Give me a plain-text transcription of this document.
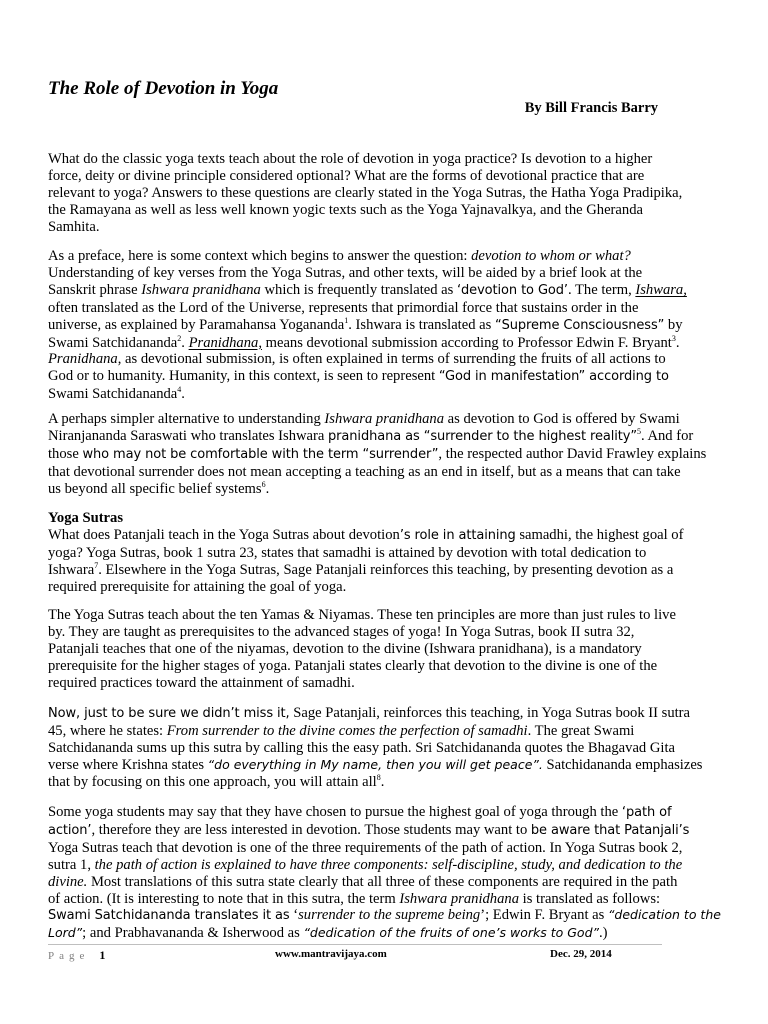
The Role of Devotion in Yoga
By Bill Francis Barry
What do the classic yoga texts teach about the role of devotion in yoga practice? Is devotion to a higher
force, deity or divine principle considered optional? What are the forms of devotional practice that are
relevant to yoga? Answers to these questions are clearly stated in the Yoga Sutras, the Hatha Yoga Pradipika,
the Ramayana as well as less well known yogic texts such as the Yoga Yajnavalkya, and the Gheranda
Samhita.
As a preface, here is some context which begins to answer the question: devotion to whom or what?
Understanding of key verses from the Yoga Sutras, and other texts, will be aided by a brief look at the
Sanskrit phrase Ishwara pranidhana which is frequently translated as ‘devotion to God’. The term, Ishwara,
often translated as the Lord of the Universe, represents that primordial force that sustains order in the
universe, as explained by Paramahansa Yogananda$^1$. Ishwara is translated as “Supreme Consciousness” by
Swami Satchidananda$^2$. Pranidhana, means devotional submission according to Professor Edwin F. Bryant$^3$.
Pranidhana, as devotional submission, is often explained in terms of surrending the fruits of all actions to
God or to humanity. Humanity, in this context, is seen to represent “God in manifestation” according to
Swami Satchidananda$^4$.
A perhaps simpler alternative to understanding Ishwara pranidhana as devotion to God is offered by Swami
Niranjananda Saraswati who translates Ishwara pranidhana as “surrender to the highest reality”$^5$. And for
those who may not be comfortable with the term “surrender”, the respected author David Frawley explains
that devotional surrender does not mean accepting a teaching as an end in itself, but as a means that can take
us beyond all specific belief systems$^6$.
Yoga Sutras
What does Patanjali teach in the Yoga Sutras about devotion’s role in attaining samadhi, the highest goal of
yoga? Yoga Sutras, book 1 sutra 23, states that samadhi is attained by devotion with total dedication to
Ishwara$^7$. Elsewhere in the Yoga Sutras, Sage Patanjali reinforces this teaching, by presenting devotion as a
required prerequisite for attaining the goal of yoga.
The Yoga Sutras teach about the ten Yamas & Niyamas. These ten principles are more than just rules to live
by. They are taught as prerequisites to the advanced stages of yoga! In Yoga Sutras, book II sutra 32,
Patanjali teaches that one of the niyamas, devotion to the divine (Ishwara pranidhana), is a mandatory
prerequisite for the higher stages of yoga. Patanjali states clearly that devotion to the divine is one of the
required practices toward the attainment of samadhi.
Now, just to be sure we didn’t miss it, Sage Patanjali, reinforces this teaching, in Yoga Sutras book II sutra
45, where he states: From surrender to the divine comes the perfection of samadhi. The great Swami
Satchidananda sums up this sutra by calling this the easy path. Sri Satchidananda quotes the Bhagavad Gita
verse where Krishna states “do everything in My name, then you will get peace”. Satchidananda emphasizes
that by focusing on this one approach, you will attain all$^8$.
Some yoga students may say that they have chosen to pursue the highest goal of yoga through the ‘path of
action’, therefore they are less interested in devotion. Those students may want to be aware that Patanjali’s
Yoga Sutras teach that devotion is one of the three requirements of the path of action. In Yoga Sutras book 2,
sutra 1, the path of action is explained to have three components: self-discipline, study, and dedication to the
divine. Most translations of this sutra state clearly that all three of these components are required in the path
of action. (It is interesting to note that in this sutra, the term Ishwara pranidhana is translated as follows:
Swami Satchidananda translates it as ‘surrender to the supreme being’; Edwin F. Bryant as “dedication to the
Lord”; and Prabhavananda & Isherwood as “dedication of the fruits of one’s works to God”.)
Page 1	www.mantravijaya.com	Dec. 29, 2014
